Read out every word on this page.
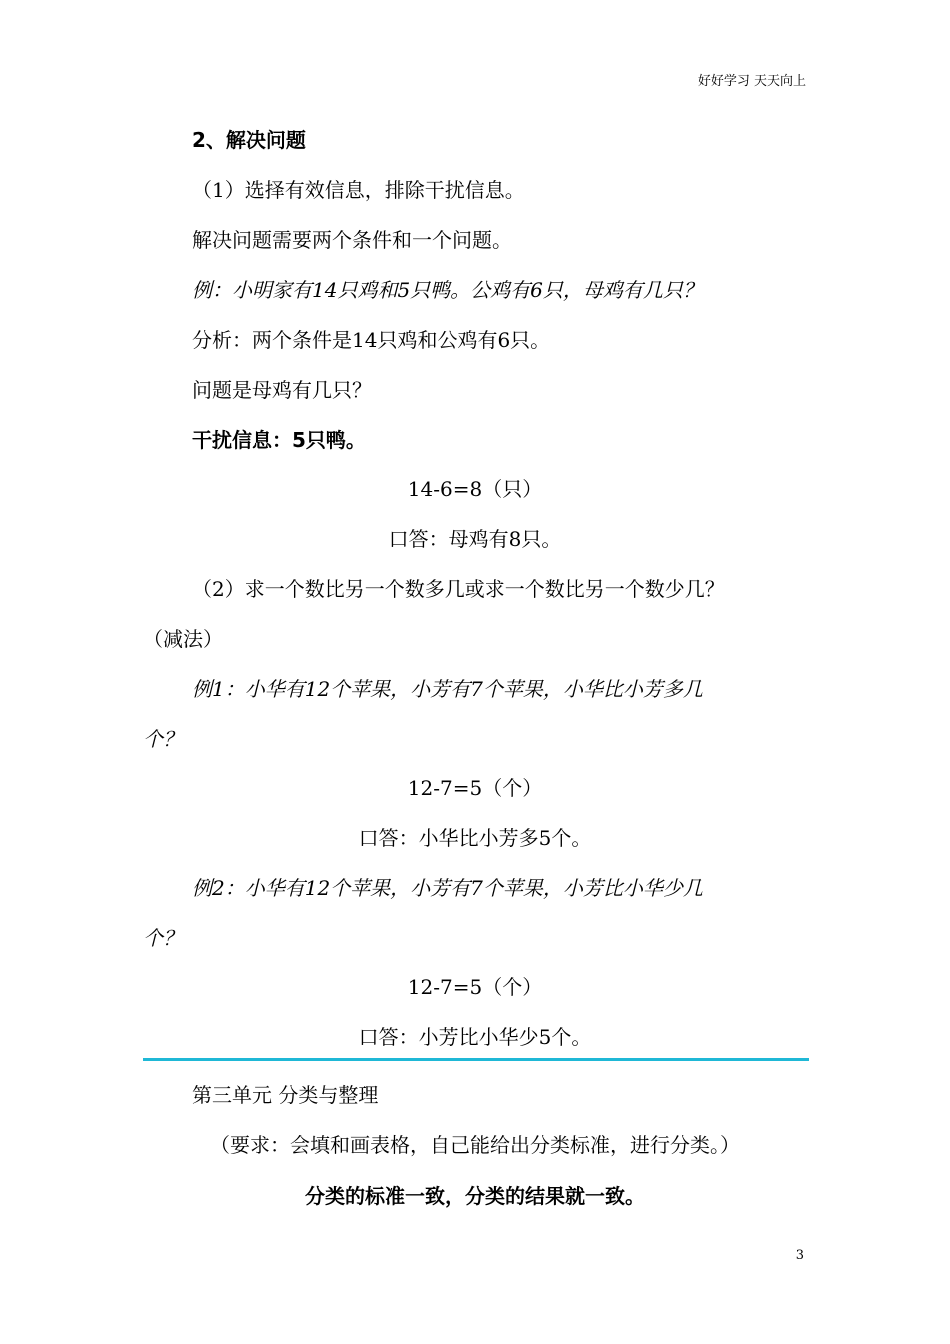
好好学习 天天向上
2、解决问题
（1）选择有效信息，排除干扰信息。
解决问题需要两个条件和一个问题。
例：小明家有14只鸡和5只鸭。公鸡有6只，母鸡有几只？
分析：两个条件是14只鸡和公鸡有6只。
问题是母鸡有几只？
干扰信息：5只鸭。
14-6=8（只）
口答：母鸡有8只。
（2）求一个数比另一个数多几或求一个数比另一个数少几？
（减法）
例1：小华有12个苹果，小芳有7个苹果，小华比小芳多几
个？
12-7=5（个）
口答：小华比小芳多5个。
例2：小华有12个苹果，小芳有7个苹果，小芳比小华少几
个？
12-7=5（个）
口答：小芳比小华少5个。
第三单元 分类与整理
（要求：会填和画表格，自己能给出分类标准，进行分类。）
分类的标准一致，分类的结果就一致。
3
